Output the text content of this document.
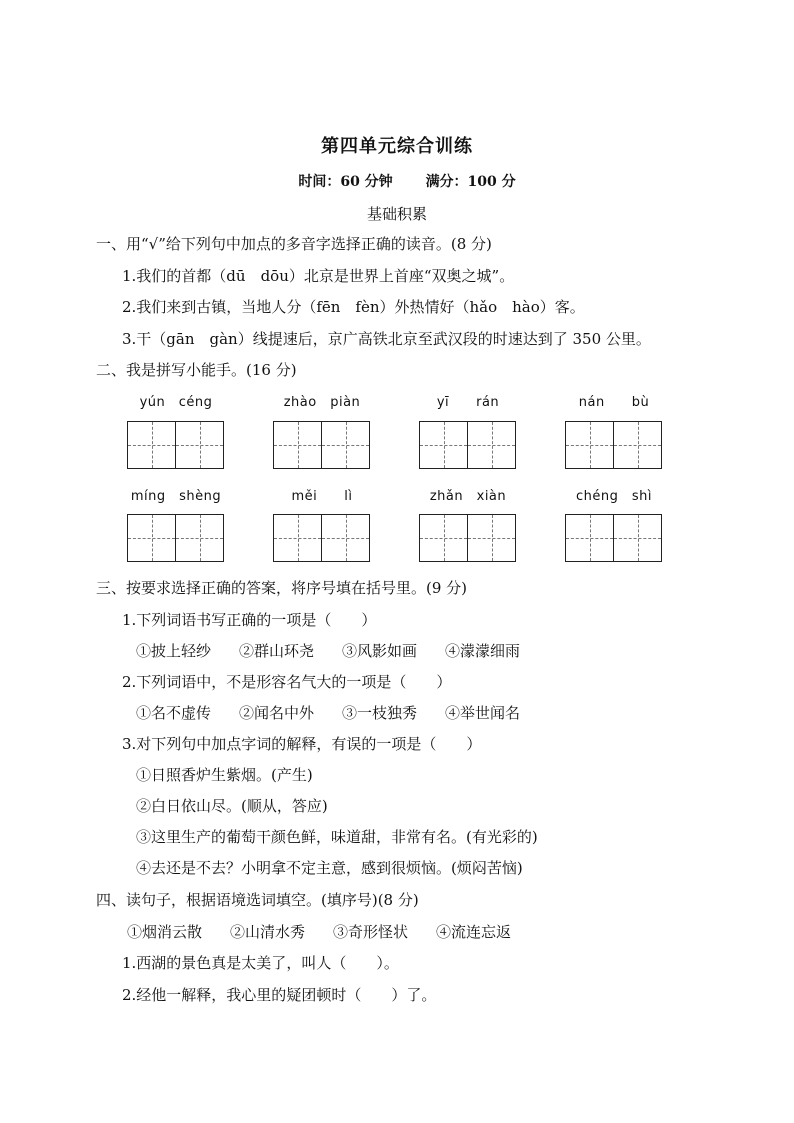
第四单元综合训练
时间：60 分钟 满分：100 分
基础积累
一、用“√”给下列句中加点的多音字选择正确的读音。(8 分)
1.我们的首都（dū　dōu）北京是世界上首座“双奥之城”。
2.我们来到古镇，当地人分（fēn　fèn）外热情好（hǎo　hào）客。
3.干（gān　gàn）线提速后，京广高铁北京至武汉段的时速达到了 350 公里。
二、我是拼写小能手。(16 分)
yún　céng	zhào　piàn	yī　　rán	nán　　bù
míng　shèng	měi　　lì	zhǎn　xiàn	chéng　shì
三、按要求选择正确的答案，将序号填在括号里。(9 分)
1.下列词语书写正确的一项是（　　）
①披上轻纱 ②群山环尧 ③风影如画 ④濛濛细雨
2.下列词语中，不是形容名气大的一项是（　　）
①名不虚传 ②闻名中外 ③一枝独秀 ④举世闻名
3.对下列句中加点字词的解释，有误的一项是（　　）
①日照香炉生紫烟。(产生)
②白日依山尽。(顺从，答应)
③这里生产的葡萄干颜色鲜，味道甜，非常有名。(有光彩的)
④去还是不去？小明拿不定主意，感到很烦恼。(烦闷苦恼)
四、读句子，根据语境选词填空。(填序号)(8 分)
①烟消云散 ②山清水秀 ③奇形怪状 ④流连忘返
1.西湖的景色真是太美了，叫人（　　）。
2.经他一解释，我心里的疑团顿时（　　）了。
